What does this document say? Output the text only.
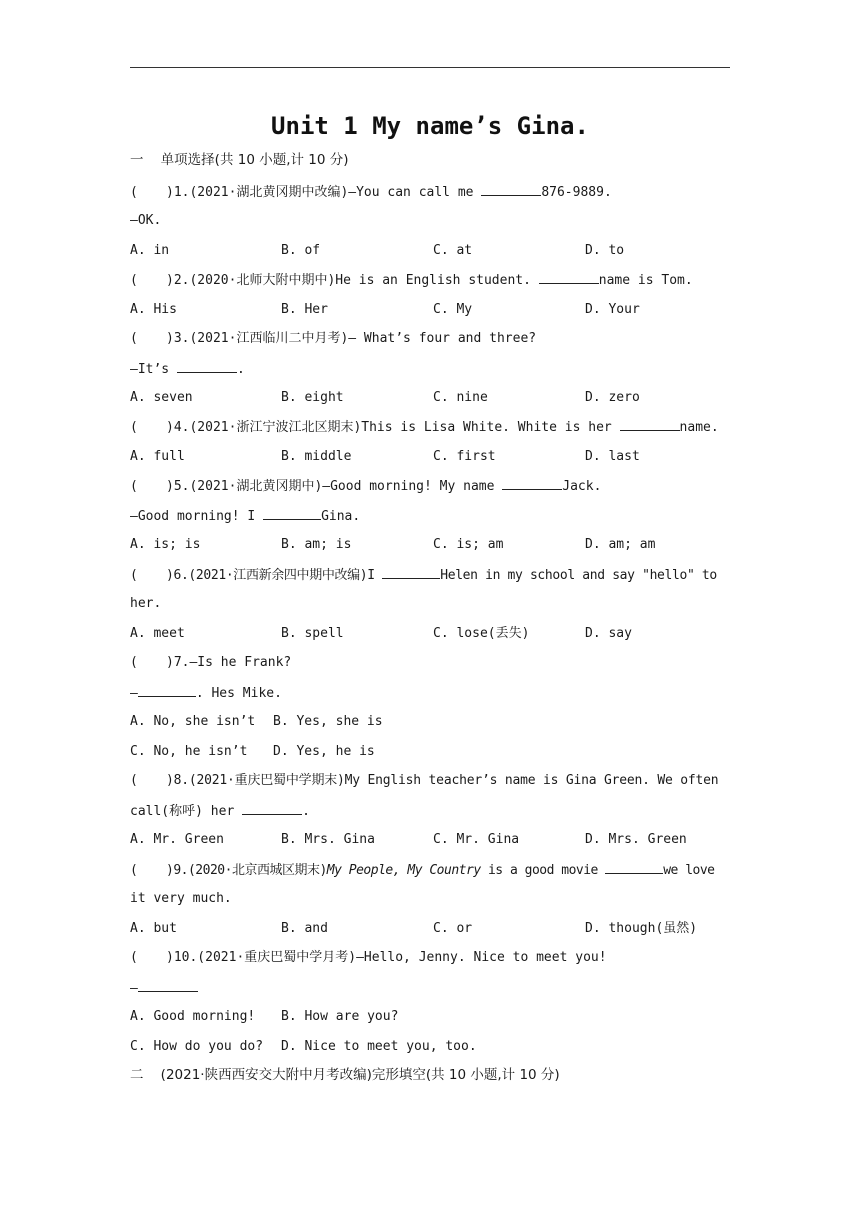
Unit 1 My name’s Gina.
一 单项选择(共 10 小题,计 10 分)
( )1.(2021·湖北黄冈期中改编)—You can call me	876-9889.
—OK.
A. in	B. of	C. at	D. to
( )2.(2020·北师大附中期中)He is an English student.	name is Tom.
A. His	B. Her	C. My	D. Your
( )3.(2021·江西临川二中月考)— What’s four and three?
—It’s	.
A. seven	B. eight	C. nine	D. zero
( )4.(2021·浙江宁波江北区期末)This is Lisa White. White is her	name.
A. full	B. middle	C. first	D. last
( )5.(2021·湖北黄冈期中)—Good morning! My name	Jack.
—Good morning! I	Gina.
A. is; is	B. am; is	C. is; am	D. am; am
( )6.(2021·江西新余四中期中改编)I	Helen in my school and say "hello" to
her.
A. meet	B. spell	C. lose(丢失)	D. say
( )7.—Is he Frank?
—	. Hes Mike.
A. No, she isn’t B. Yes, she is
C. No, he isn’t D. Yes, he is
( )8.(2021·重庆巴蜀中学期末)My English teacher’s name is Gina Green. We often
call(称呼) her	.
A. Mr. Green	B. Mrs. Gina	C. Mr. Gina	D. Mrs. Green
( )9.(2020·北京西城区期末)My People, My Country is a good movie	we love
it very much.
A. but	B. and	C. or	D. though(虽然)
( )10.(2021·重庆巴蜀中学月考)—Hello, Jenny. Nice to meet you!
—
A. Good morning! B. How are you?
C. How do you do? D. Nice to meet you, too.
二 (2021·陕西西安交大附中月考改编)完形填空(共 10 小题,计 10 分)
